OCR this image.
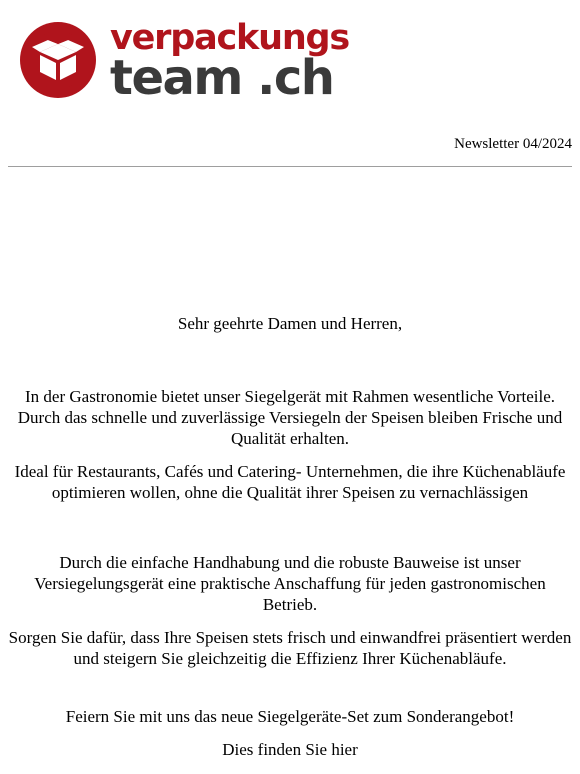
verpackungs
team .ch
Newsletter 04/2024

Sehr geehrte Damen und Herren,

In der Gastronomie bietet unser Siegelgerät mit Rahmen wesentliche Vorteile. Durch das schnelle und zuverlässige Versiegeln der Speisen bleiben Frische und Qualität erhalten.

Ideal für Restaurants, Cafés und Catering- Unternehmen, die ihre Küchenabläufe optimieren wollen, ohne die Qualität ihrer Speisen zu vernachlässigen

Durch die einfache Handhabung und die robuste Bauweise ist unser Versiegelungsgerät eine praktische Anschaffung für jeden gastronomischen Betrieb.

Sorgen Sie dafür, dass Ihre Speisen stets frisch und einwandfrei präsentiert werden und steigern Sie gleichzeitig die Effizienz Ihrer Küchenabläufe.

Feiern Sie mit uns das neue Siegelgeräte-Set zum Sonderangebot!

Dies finden Sie hier
